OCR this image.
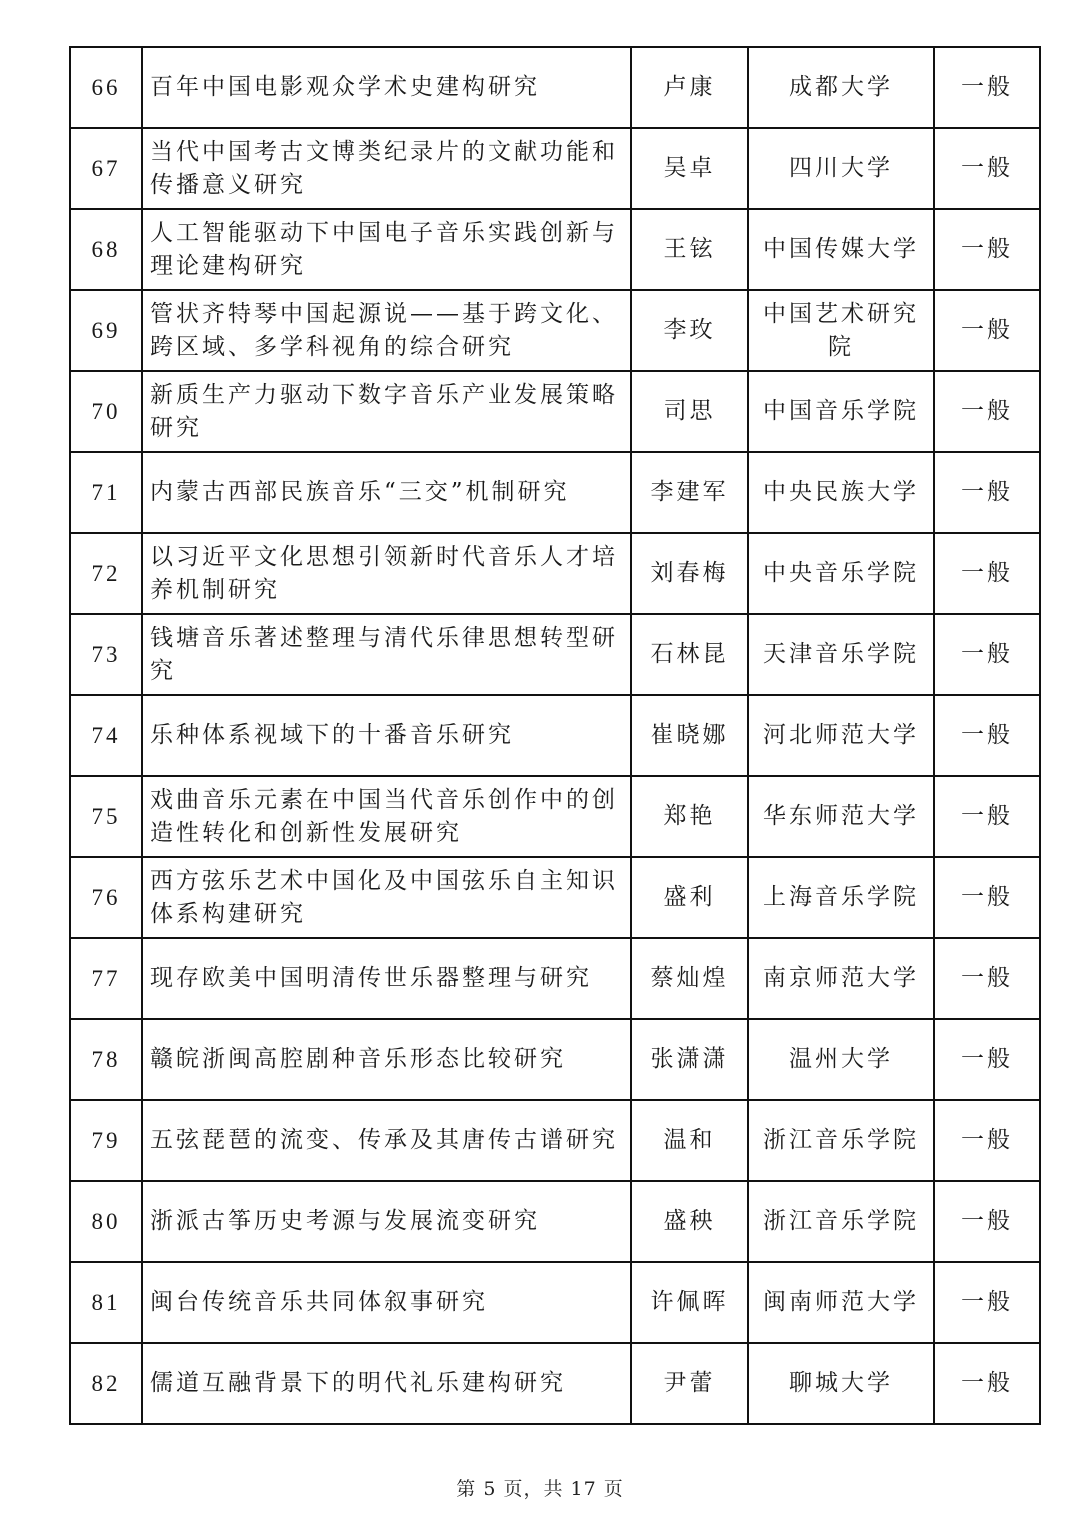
66	百年中国电影观众学术史建构研究	卢康	成都大学	一般
67	当代中国考古文博类纪录片的文献功能和传播意义研究	吴卓	四川大学	一般
68	人工智能驱动下中国电子音乐实践创新与理论建构研究	王铉	中国传媒大学	一般
69	管状齐特琴中国起源说——基于跨文化、跨区域、多学科视角的综合研究	李玫	中国艺术研究院	一般
70	新质生产力驱动下数字音乐产业发展策略研究	司思	中国音乐学院	一般
71	内蒙古西部民族音乐“三交”机制研究	李建军	中央民族大学	一般
72	以习近平文化思想引领新时代音乐人才培养机制研究	刘春梅	中央音乐学院	一般
73	钱塘音乐著述整理与清代乐律思想转型研究	石林昆	天津音乐学院	一般
74	乐种体系视域下的十番音乐研究	崔晓娜	河北师范大学	一般
75	戏曲音乐元素在中国当代音乐创作中的创造性转化和创新性发展研究	郑艳	华东师范大学	一般
76	西方弦乐艺术中国化及中国弦乐自主知识体系构建研究	盛利	上海音乐学院	一般
77	现存欧美中国明清传世乐器整理与研究	蔡灿煌	南京师范大学	一般
78	赣皖浙闽高腔剧种音乐形态比较研究	张潇潇	温州大学	一般
79	五弦琵琶的流变、传承及其唐传古谱研究	温和	浙江音乐学院	一般
80	浙派古筝历史考源与发展流变研究	盛秧	浙江音乐学院	一般
81	闽台传统音乐共同体叙事研究	许佩晖	闽南师范大学	一般
82	儒道互融背景下的明代礼乐建构研究	尹蕾	聊城大学	一般
第 5 页，共 17 页
